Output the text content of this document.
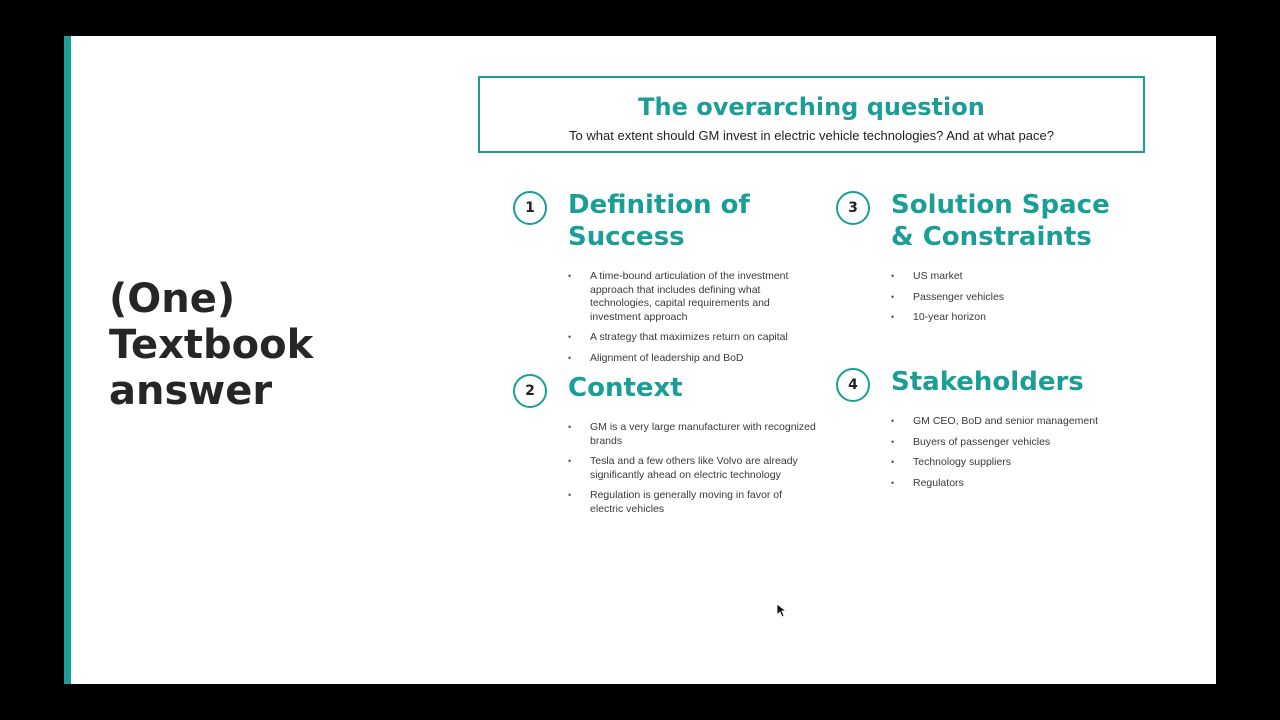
(One)
Textbook
answer
The overarching question
To what extent should GM invest in electric vehicle technologies? And at what pace?
1	Definition of
Success
• A time-bound articulation of the investment approach that includes defining what technologies, capital requirements and investment approach
• A strategy that maximizes return on capital
• Alignment of leadership and BoD
2	Context
• GM is a very large manufacturer with recognized brands
• Tesla and a few others like Volvo are already significantly ahead on electric technology
• Regulation is generally moving in favor of electric vehicles
3	Solution Space
& Constraints
• US market
• Passenger vehicles
• 10-year horizon
4	Stakeholders
• GM CEO, BoD and senior management
• Buyers of passenger vehicles
• Technology suppliers
• Regulators
